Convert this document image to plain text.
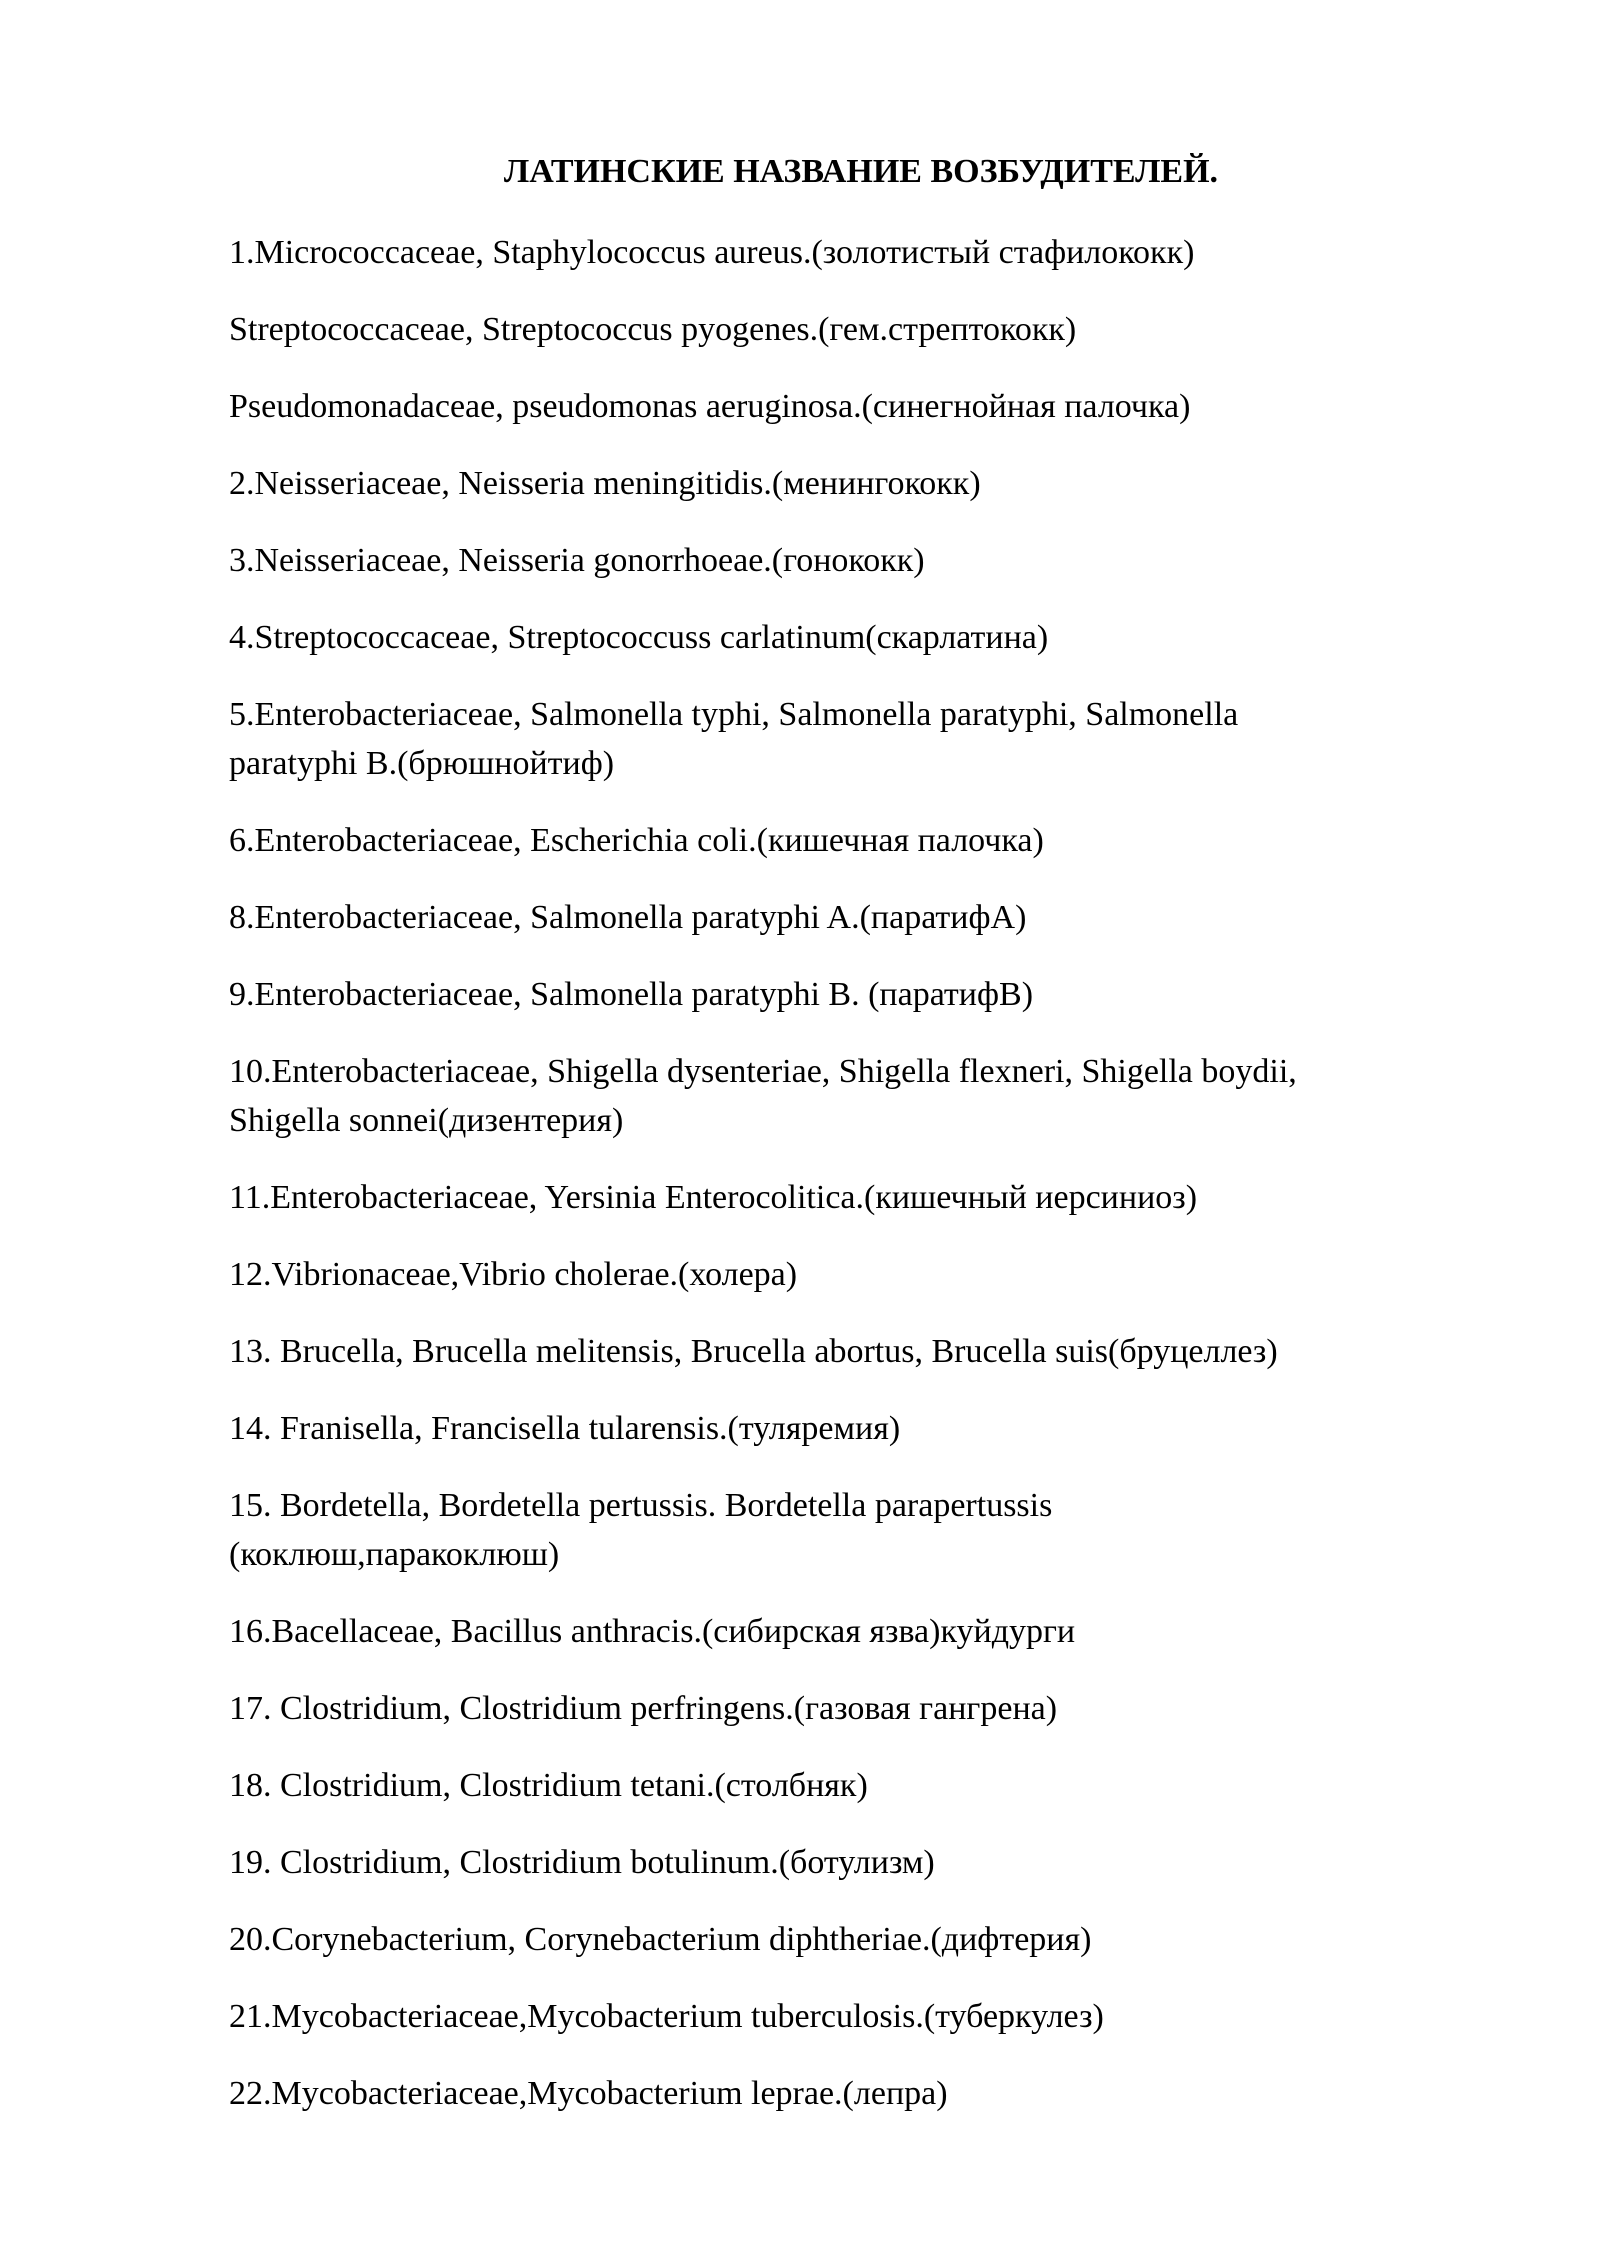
ЛАТИНСКИЕ НАЗВАНИЕ ВОЗБУДИТЕЛЕЙ.
1.Micrococcaceae, Staphylococcus aureus.(золотистый стафилококк)
Streptococcaceae, Streptococcus pyogenes.(гем.стрептококк)
Pseudomonadaceae, pseudomonas aeruginosa.(синегнойная палочка)
2.Neisseriaceae, Neisseria meningitidis.(менингококк)
3.Neisseriaceae, Neisseria gonorrhoeae.(гонококк)
4.Streptococcaceae, Streptococcuss carlatinum(скарлатина)
5.Enterobacteriaceae, Salmonella typhi, Salmonella paratyphi, Salmonella
paratyphi B.(брюшнойтиф)
6.Enterobacteriaceae, Escherichia coli.(кишечная палочка)
8.Enterobacteriaceae, Salmonella paratyphi A.(паратифA)
9.Enterobacteriaceae, Salmonella paratyphi B. (паратифB)
10.Enterobacteriaceae, Shigella dysenteriae, Shigella flexneri, Shigella boydii,
Shigella sonnei(дизентерия)
11.Enterobacteriaceae, Yersinia Enterocolitica.(кишечный иерсиниоз)
12.Vibrionaceae,Vibrio cholerae.(холера)
13. Brucella, Brucella melitensis, Brucella abortus, Brucella suis(бруцеллез)
14. Franisella, Francisella tularensis.(туляремия)
15. Bordetella, Bordetella pertussis. Bordetella parapertussis
(коклюш,паракоклюш)
16.Bacellaceae, Bacillus anthracis.(сибирская язва)куйдурги
17. Clostridium, Clostridium perfringens.(газовая гангрена)
18. Clostridium, Clostridium tetani.(столбняк)
19. Clostridium, Clostridium botulinum.(ботулизм)
20.Corynebacterium, Corynebacterium diphtheriae.(дифтерия)
21.Mycobacteriaceae,Mycobacterium tuberculosis.(туберкулез)
22.Mycobacteriaceae,Mycobacterium leprae.(лепра)
